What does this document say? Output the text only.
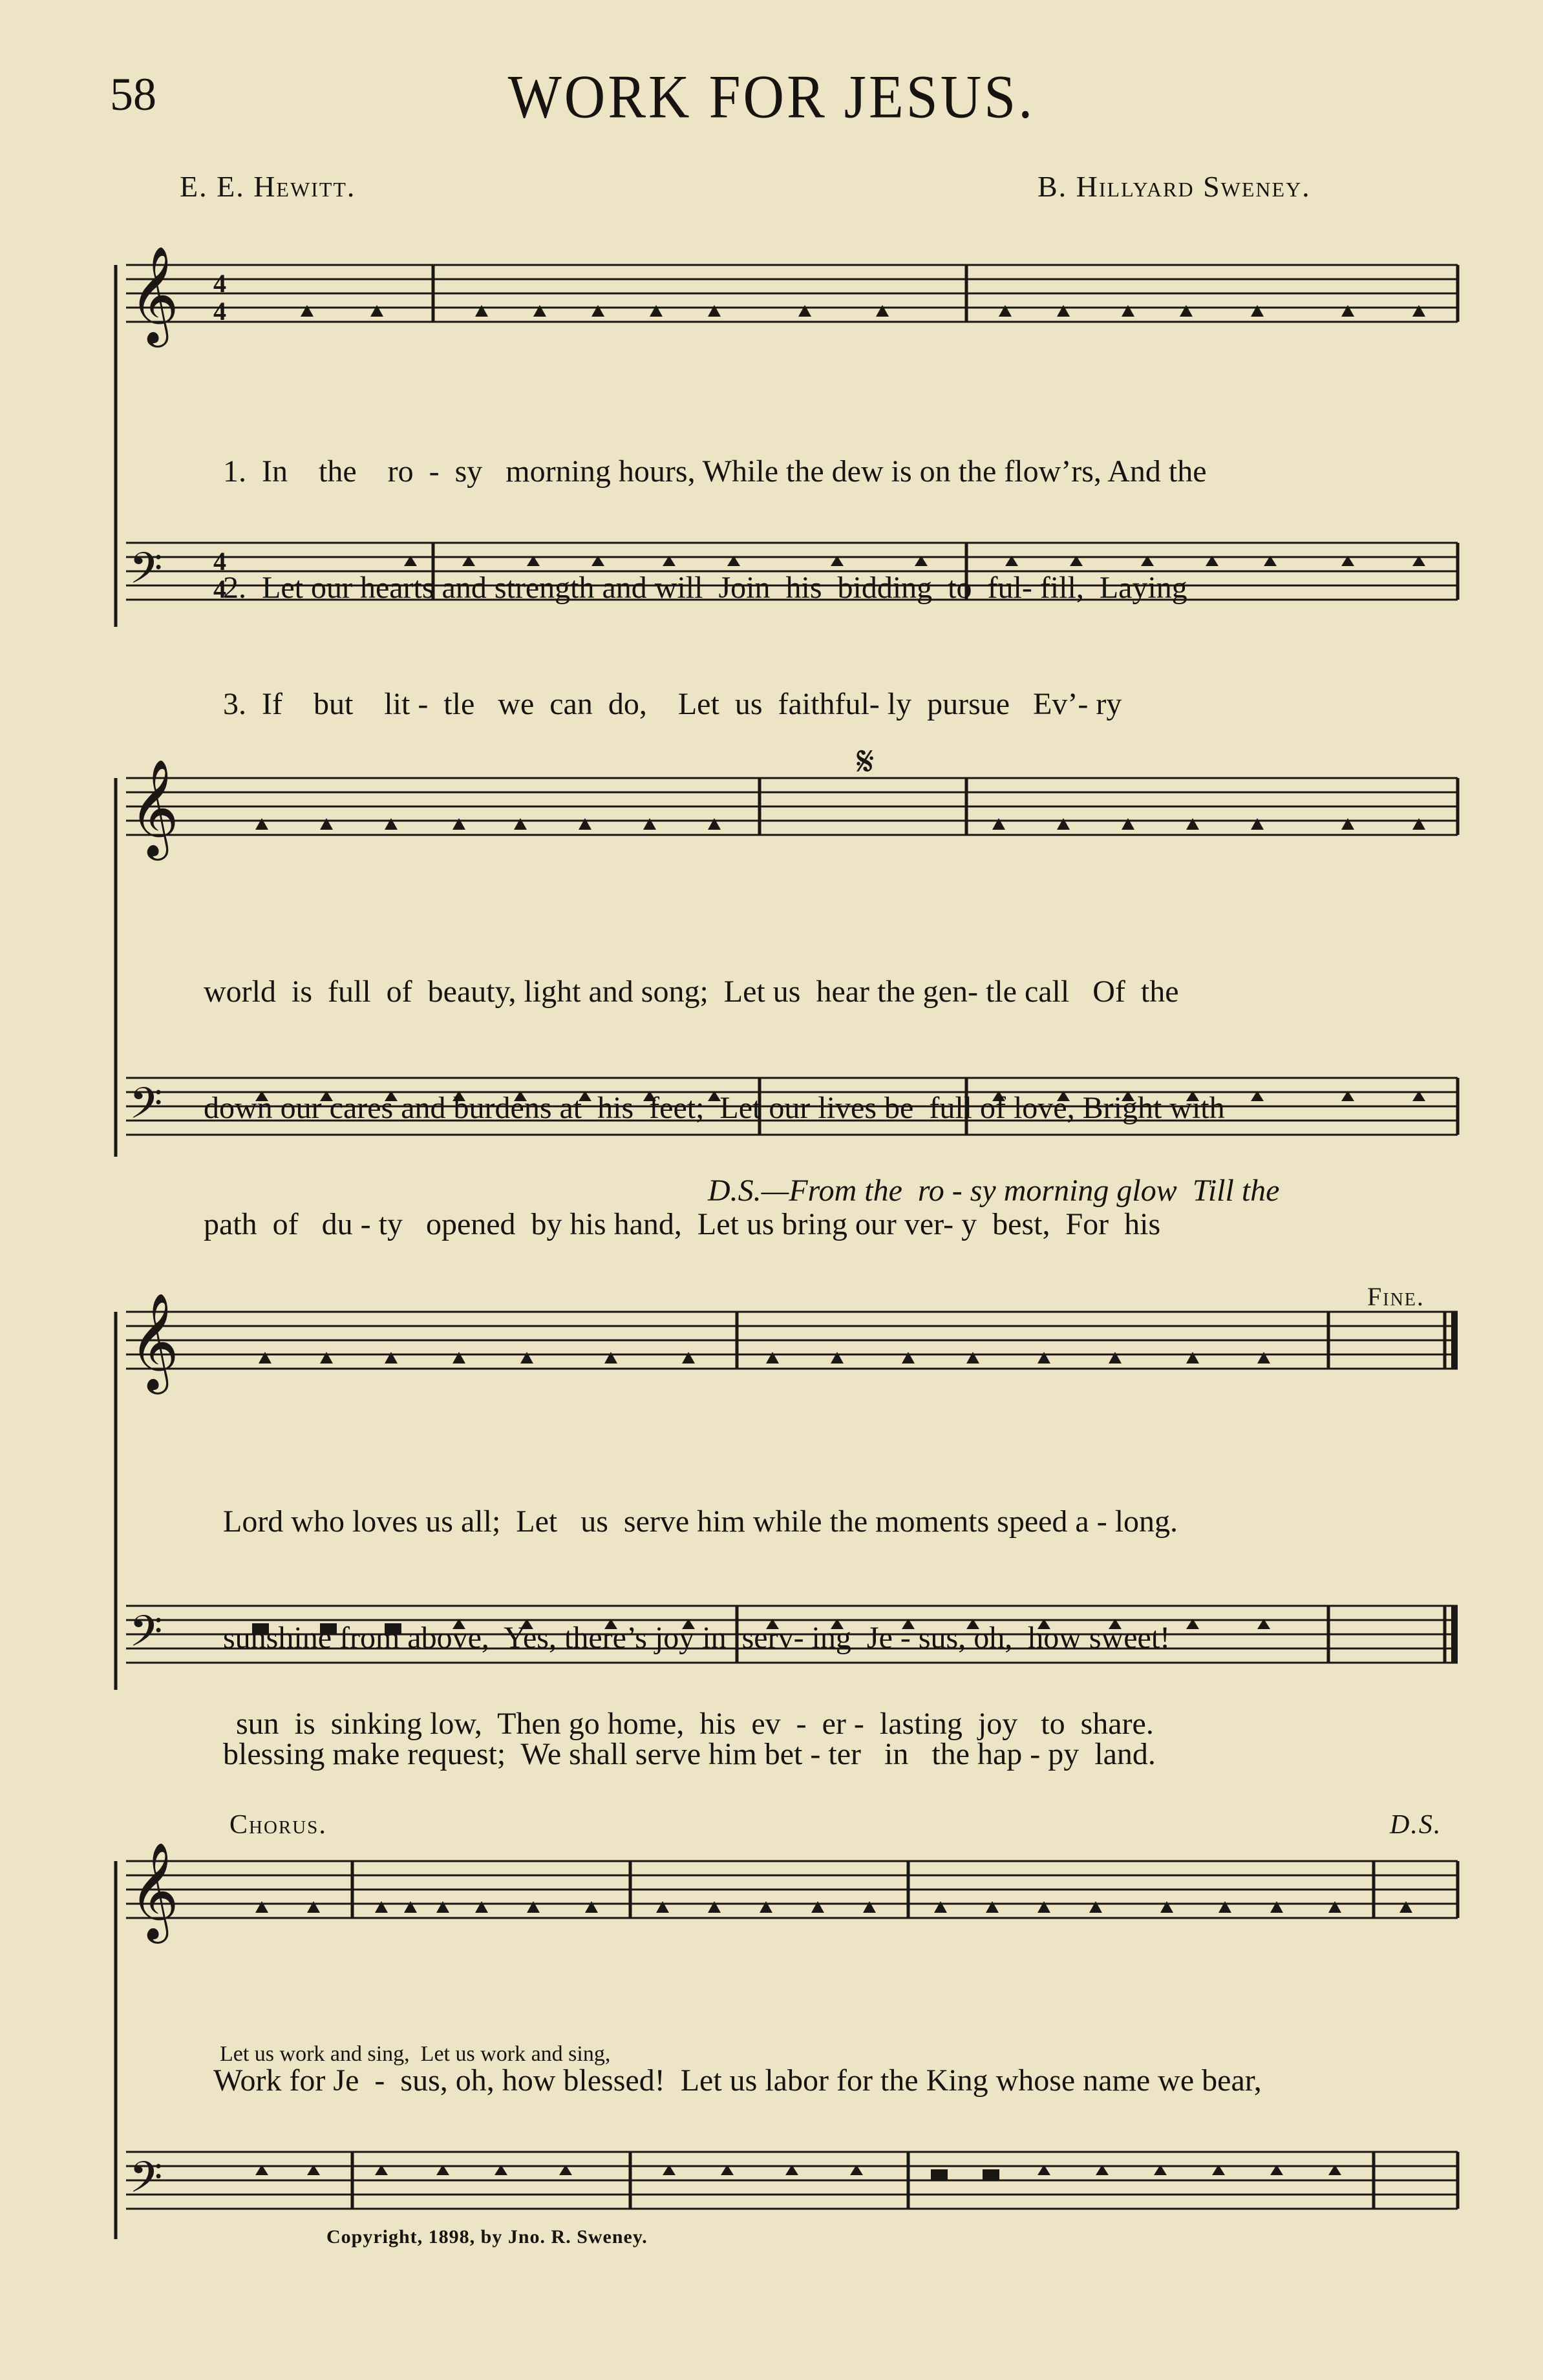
58	WORK FOR JESUS.
E. E. Hewitt.	B. Hillyard Sweney.
𝄞
𝄢
4
4
4
4

1.  In    the    ro  -  sy   morning hours, While the dew is on the flow’rs, And the

2.  Let our hearts and strength and will  Join  his  bidding  to  ful- fill,  Laying

3.  If    but    lit -  tle   we  can  do,    Let  us  faithful- ly  pursue   Ev’- ry

𝄞
𝄢
𝄋

world  is  full  of  beauty, light and song;  Let us  hear the gen- tle call   Of  the

down our cares and burdens at  his  feet;  Let our lives be  full of love, Bright with

path  of   du - ty   opened  by his hand,  Let us bring our ver- y  best,  For  his

D.S.—From the  ro - sy morning glow  Till the
𝄞
𝄢
Fine.

Lord who loves us all;  Let   us  serve him while the moments speed a - long.

sunshine from above,  Yes, there’s joy in  serv- ing  Je - sus, oh,  how sweet!

blessing make request;  We shall serve him bet - ter   in   the hap - py  land.

sun  is  sinking low,  Then go home,  his  ev  -  er -  lasting  joy   to  share.
Chorus.	D.S.
𝄞
𝄢

Work for Je  -  sus, oh, how blessed!  Let us labor for the King whose name we bear,

Let us work and sing,  Let us work and sing,
Copyright, 1898, by Jno. R. Sweney.
